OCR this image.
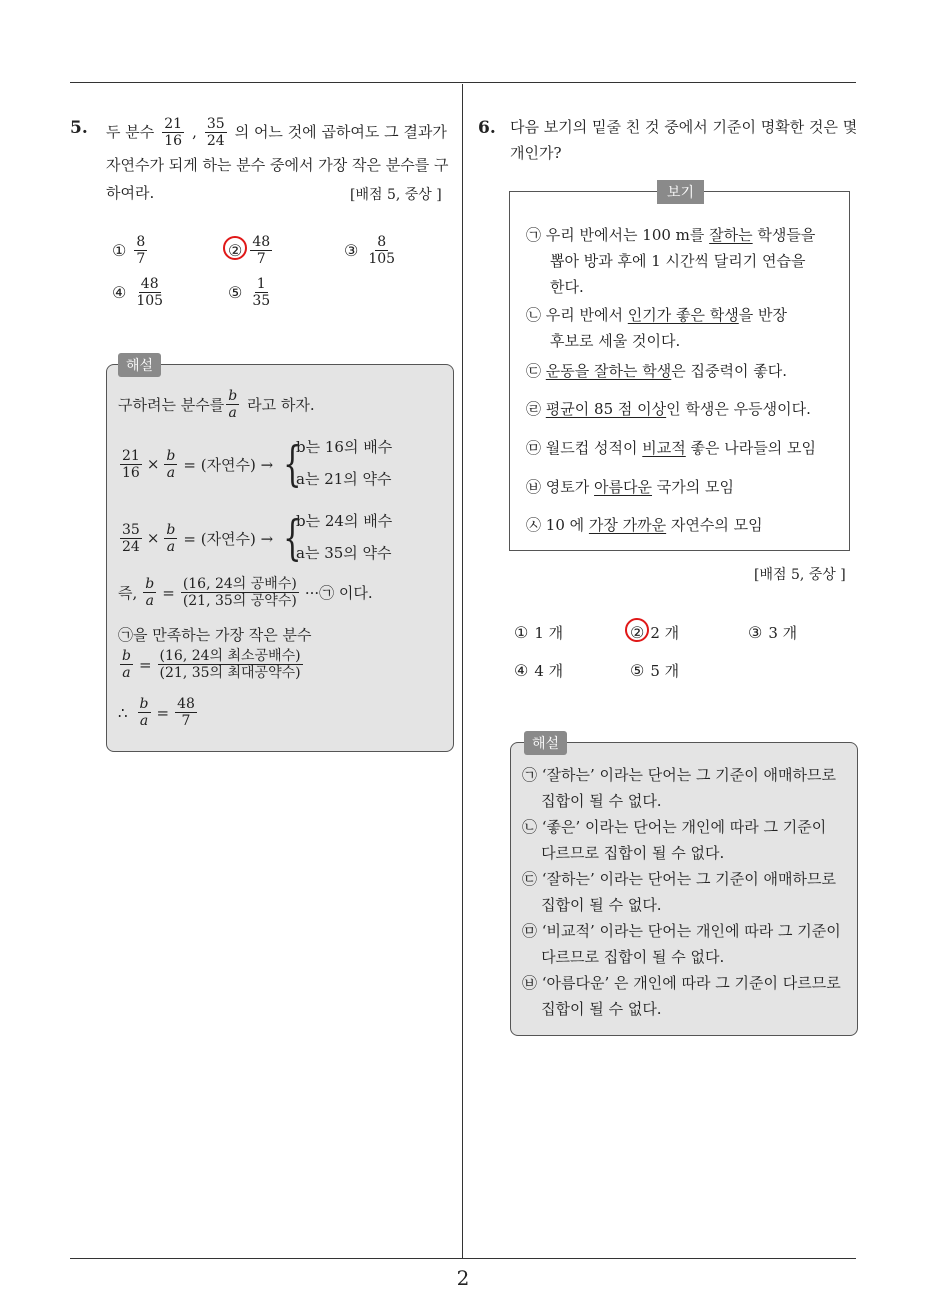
2
5. 두 분수 $\frac{21}{16}$ , $\frac{35}{24}$ 의 어느 것에 곱하여도 그 결과가
자연수가 되게 하는 분수 중에서 가장 작은 분수를 구
하여라.	[배점 5, 중상 ]
① $\frac{8}{7}$	② $\frac{48}{7}$	③ $\frac{8}{105}$
④ $\frac{48}{105}$	⑤ $\frac{1}{35}$
해설
구하려는 분수를 $\frac{b}{a}$ 라고 하자.
$\frac{21}{16} \times \frac{b}{a}$ = (자연수) → {
b는 16의 배수
a는 21의 약수
$\frac{35}{24} \times \frac{b}{a}$ = (자연수) → {
b는 24의 배수
a는 35의 약수
즉, $\frac{b}{a} = \frac{\text{(16, 24의 공배수)}}{\text{(21, 35의 공약수)}}$ ···㉠ 이다.
㉠을 만족하는 가장 작은 분수
$\frac{b}{a} = \frac{\text{(16, 24의 최소공배수)}}{\text{(21, 35의 최대공약수)}}$
∴ $\frac{b}{a} = \frac{48}{7}$
6. 다음 보기의 밑줄 친 것 중에서 기준이 명확한 것은 몇
개인가?
보기
㉠ 우리 반에서는 100 m를 잘하는 학생들을
뽑아 방과 후에 1 시간씩 달리기 연습을
한다.
㉡ 우리 반에서 인기가 좋은 학생을 반장
후보로 세울 것이다.
㉢ 운동을 잘하는 학생은 집중력이 좋다.
㉣ 평균이 85 점 이상인 학생은 우등생이다.
㉤ 월드컵 성적이 비교적 좋은 나라들의 모임
㉥ 영토가 아름다운 국가의 모임
㉦ 10 에 가장 가까운 자연수의 모임
[배점 5, 중상 ]
① 1 개	② 2 개	③ 3 개
④ 4 개	⑤ 5 개
해설
㉠ ‘잘하는’ 이라는 단어는 그 기준이 애매하므로
집합이 될 수 없다.
㉡ ‘좋은’ 이라는 단어는 개인에 따라 그 기준이
다르므로 집합이 될 수 없다.
㉢ ‘잘하는’ 이라는 단어는 그 기준이 애매하므로
집합이 될 수 없다.
㉤ ‘비교적’ 이라는 단어는 개인에 따라 그 기준이
다르므로 집합이 될 수 없다.
㉥ ‘아름다운’ 은 개인에 따라 그 기준이 다르므로
집합이 될 수 없다.
